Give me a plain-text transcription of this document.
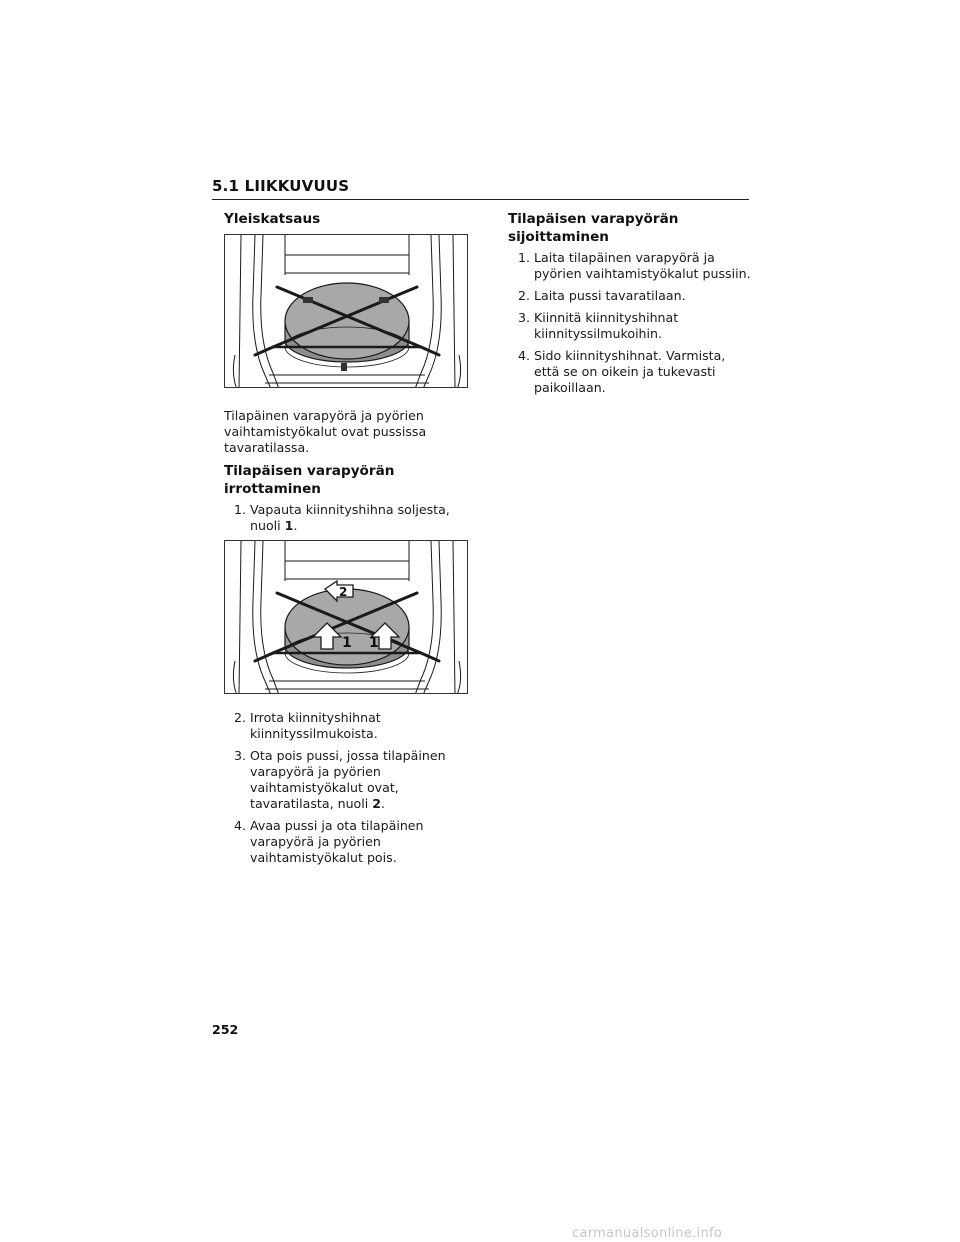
5.1 LIIKKUVUUS
Yleiskatsaus

Tilapäinen varapyörä ja pyörien vaihtamistyökalut ovat pussissa tavaratilassa.

Tilapäisen varapyörän irrottaminen
1. Vapauta kiinnityshihna soljesta, nuoli 1.
1 1
2
2. Irrota kiinnityshihnat kiinnityssilmukoista.
3. Ota pois pussi, jossa tilapäinen varapyörä ja pyörien vaihtamistyökalut ovat, tavaratilasta, nuoli 2.
4. Avaa pussi ja ota tilapäinen varapyörä ja pyörien vaihtamistyökalut pois.
Tilapäisen varapyörän sijoittaminen
1. Laita tilapäinen varapyörä ja pyörien vaihtamistyökalut pussiin.
2. Laita pussi tavaratilaan.
3. Kiinnitä kiinnityshihnat kiinnityssilmukoihin.
4. Sido kiinnityshihnat. Varmista, että se on oikein ja tukevasti paikoillaan.
252
carmanualsonline.info
